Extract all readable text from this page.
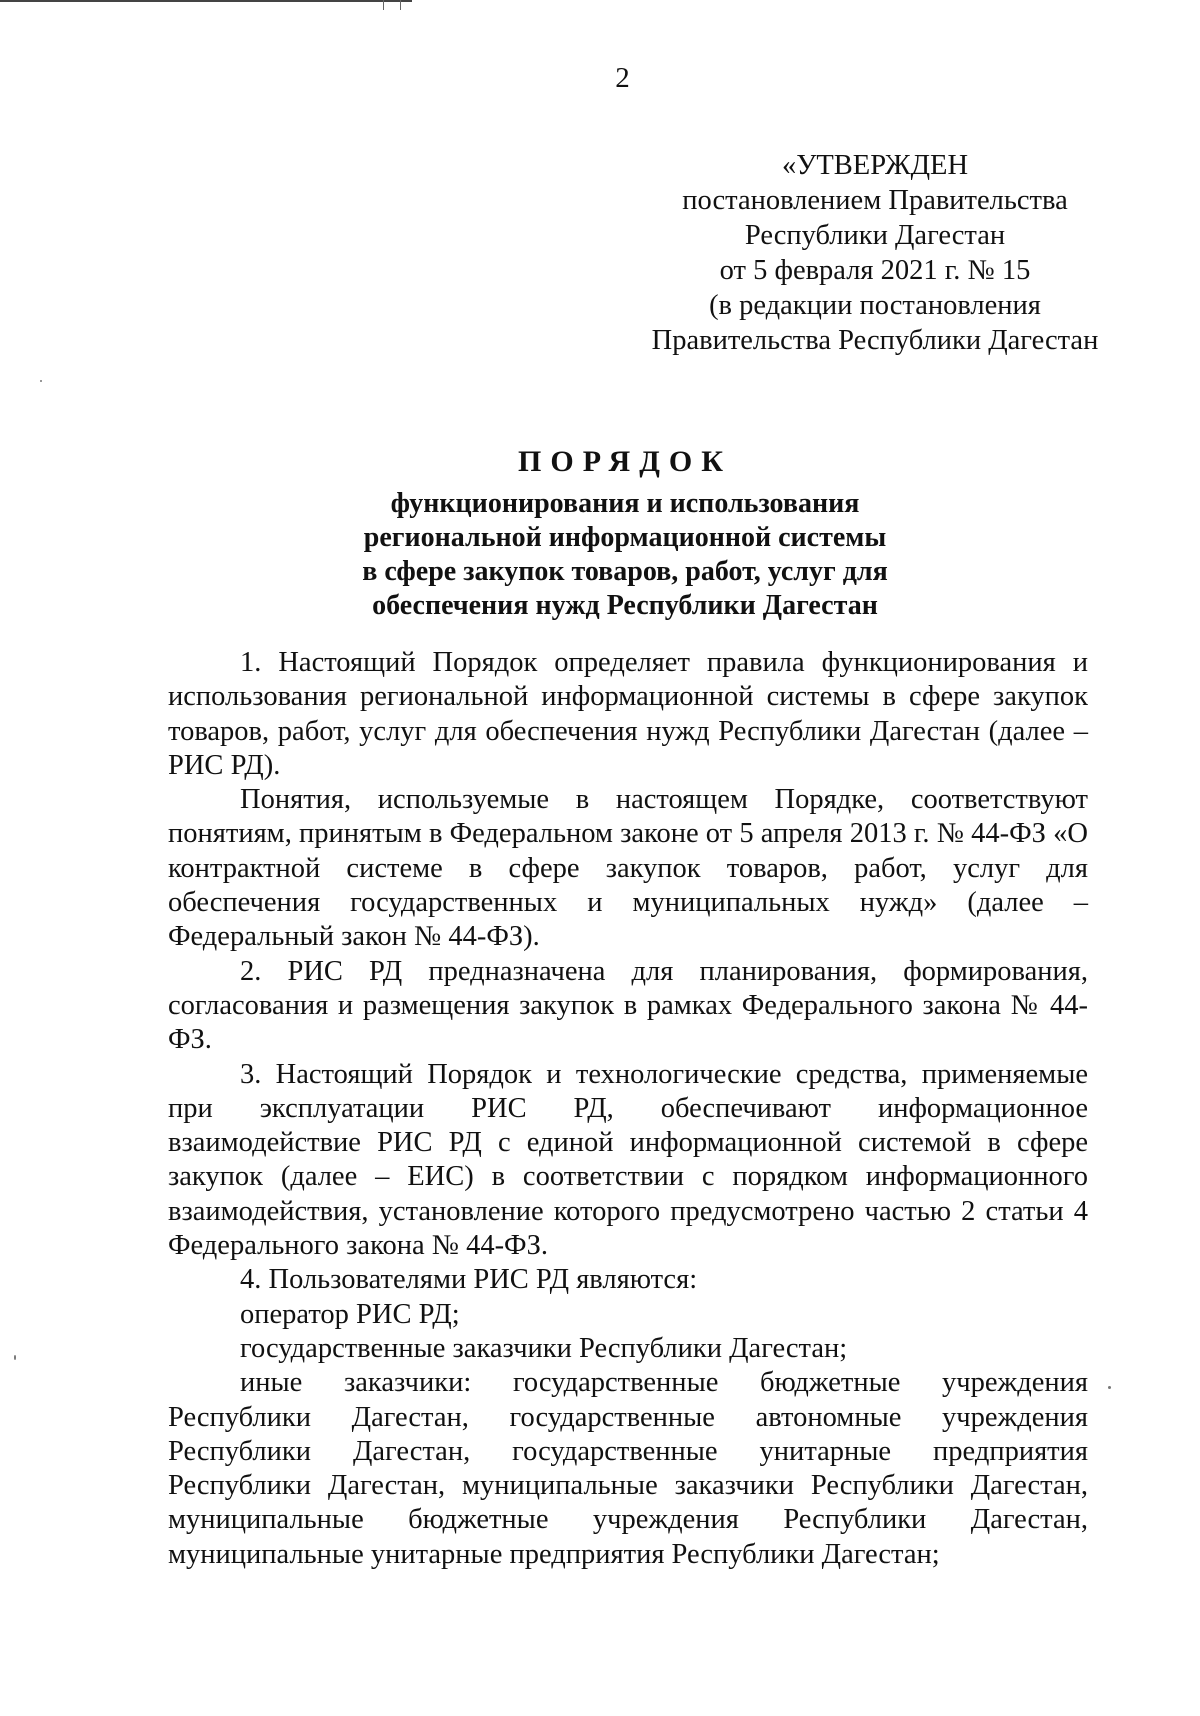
2
«УТВЕРЖДЕН
постановлением Правительства
Республики Дагестан
от 5 февраля 2021 г. № 15
(в редакции постановления
Правительства Республики Дагестан
ПОРЯДОК
функционирования и использования
региональной информационной системы
в сфере закупок товаров, работ, услуг для
обеспечения нужд Республики Дагестан

1. Настоящий Порядок определяет правила функционирования и использования региональной информационной системы в сфере закупок товаров, работ, услуг для обеспечения нужд Республики Дагестан (далее – РИС РД).

Понятия, используемые в настоящем Порядке, соответствуют понятиям, принятым в Федеральном законе от 5 апреля 2013 г. № 44-ФЗ «О контрактной системе в сфере закупок товаров, работ, услуг для обеспечения государственных и муниципальных нужд» (далее – Федеральный закон № 44-ФЗ).

2. РИС РД предназначена для планирования, формирования, согласования и размещения закупок в рамках Федерального закона № 44-ФЗ.

3. Настоящий Порядок и технологические средства, применяемые при эксплуатации РИС РД, обеспечивают информационное взаимодействие РИС РД с единой информационной системой в сфере закупок (далее – ЕИС) в соответствии с порядком информационного взаимодействия, установление которого предусмотрено частью 2 статьи 4 Федерального закона № 44-ФЗ.

4. Пользователями РИС РД являются:

оператор РИС РД;

государственные заказчики Республики Дагестан;

иные заказчики: государственные бюджетные учреждения Республики Дагестан, государственные автономные учреждения Республики Дагестан, государственные унитарные предприятия Республики Дагестан, муниципальные заказчики Республики Дагестан, муниципальные бюджетные учреждения Республики Дагестан, муниципальные унитарные предприятия Республики Дагестан;
